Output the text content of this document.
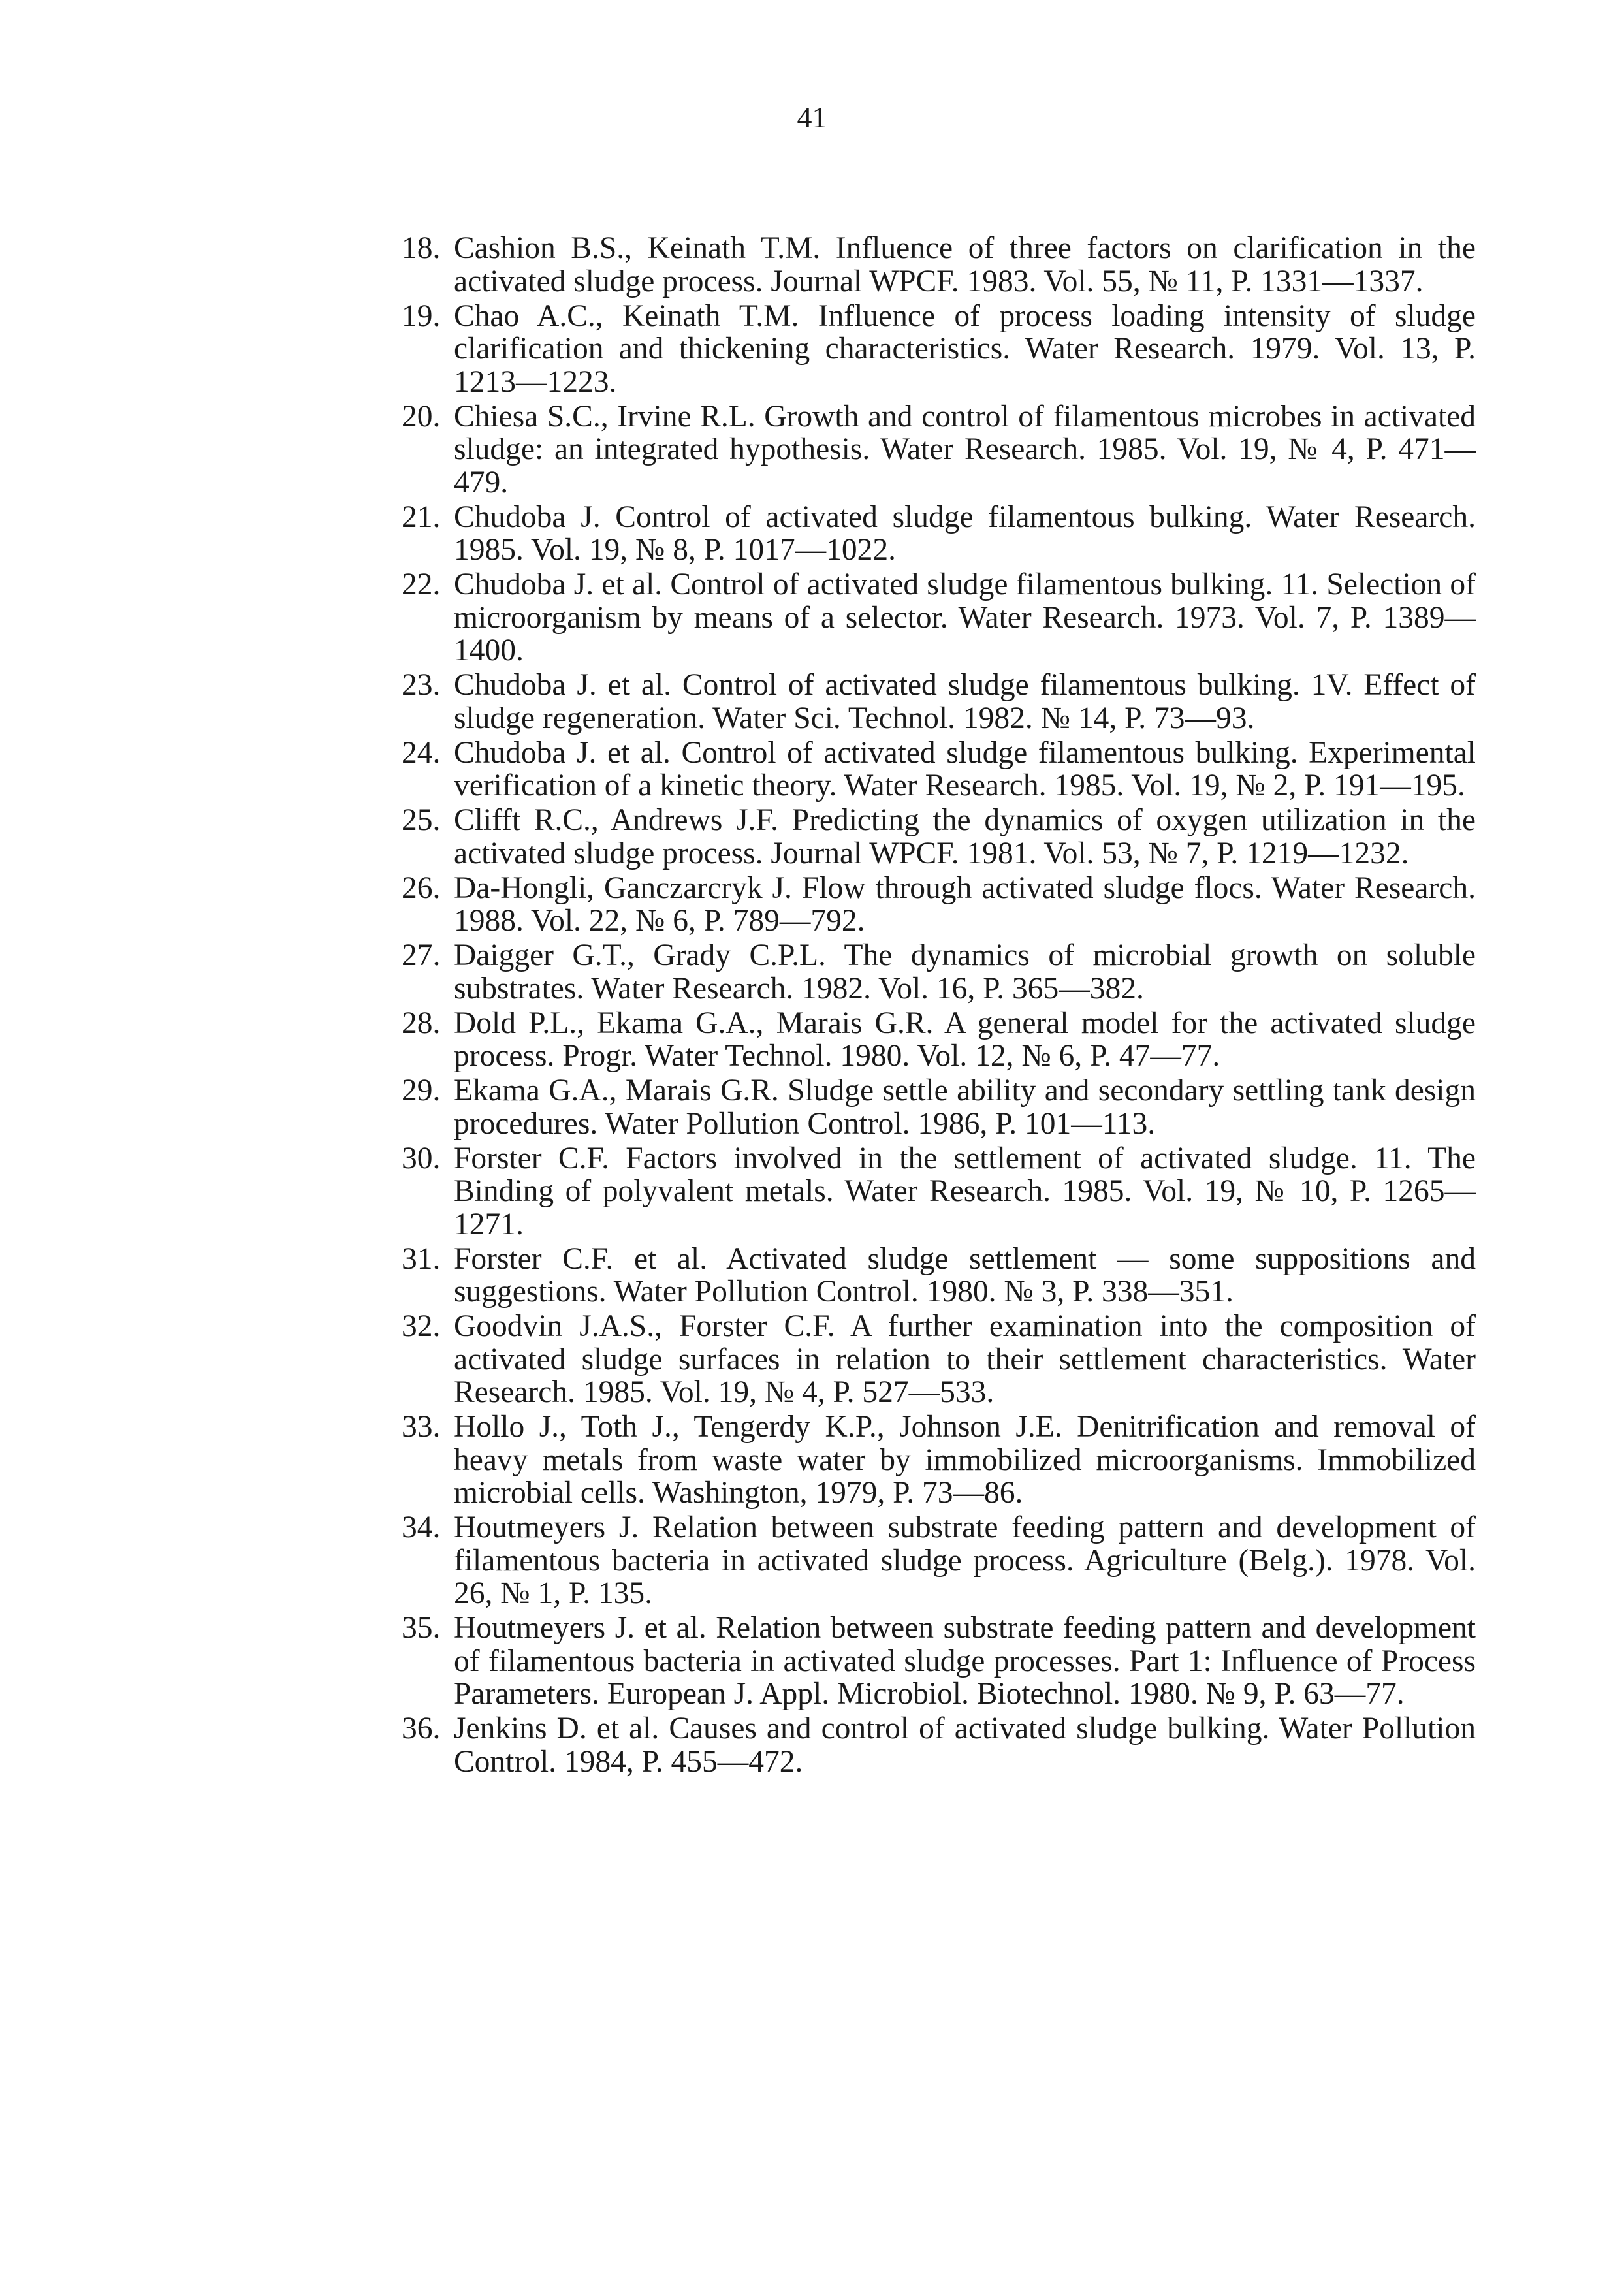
41
18. Cashion B.S., Keinath T.M. Influence of three factors on clarification in the activated sludge process. Journal WPCF. 1983. Vol. 55, № 11, P. 1331—1337.
19. Chao A.C., Keinath T.M. Influence of process loading intensity of sludge clarification and thickening characteristics. Water Research. 1979. Vol. 13, P. 1213—1223.
20. Chiesa S.C., Irvine R.L. Growth and control of filamentous microbes in activated sludge: an integrated hypothesis. Water Research. 1985. Vol. 19, № 4, P. 471—479.
21. Chudoba J. Control of activated sludge filamentous bulking. Water Research. 1985. Vol. 19, № 8, P. 1017—1022.
22. Chudoba J. et al. Control of activated sludge filamentous bulking. 11. Selection of microorganism by means of a selector. Water Research. 1973. Vol. 7, P. 1389—1400.
23. Chudoba J. et al. Control of activated sludge filamentous bulking. 1V. Effect of sludge regeneration. Water Sci. Technol. 1982. № 14, P. 73—93.
24. Chudoba J. et al. Control of activated sludge filamentous bulking. Experimental verification of a kinetic theory. Water Research. 1985. Vol. 19, № 2, P. 191—195.
25. Clifft R.C., Andrews J.F. Predicting the dynamics of oxygen utilization in the activated sludge process. Journal WPCF. 1981. Vol. 53, № 7, P. 1219—1232.
26. Da-Hongli, Ganczarcryk J. Flow through activated sludge flocs. Water Research. 1988. Vol. 22, № 6, P. 789—792.
27. Daigger G.T., Grady C.P.L. The dynamics of microbial growth on soluble substrates. Water Research. 1982. Vol. 16, P. 365—382.
28. Dold P.L., Ekama G.A., Marais G.R. A general model for the activated sludge process. Progr. Water Technol. 1980. Vol. 12, № 6, P. 47—77.
29. Ekama G.A., Marais G.R. Sludge settle ability and secondary settling tank design procedures. Water Pollution Control. 1986, P. 101—113.
30. Forster C.F. Factors involved in the settlement of activated sludge. 11. The Binding of polyvalent metals. Water Research. 1985. Vol. 19, № 10, P. 1265—1271.
31. Forster C.F. et al. Activated sludge settlement — some suppositions and suggestions. Water Pollution Control. 1980. № 3, P. 338—351.
32. Goodvin J.A.S., Forster C.F. A further examination into the composition of activated sludge surfaces in relation to their settlement characteristics. Water Research. 1985. Vol. 19, № 4, P. 527—533.
33. Hollo J., Toth J., Tengerdy K.P., Johnson J.E. Denitrification and removal of heavy metals from waste water by immobilized microorganisms. Immobilized microbial cells. Washington, 1979, P. 73—86.
34. Houtmeyers J. Relation between substrate feeding pattern and development of filamentous bacteria in activated sludge process. Agriculture (Belg.). 1978. Vol. 26, № 1, P. 135.
35. Houtmeyers J. et al. Relation between substrate feeding pattern and development of filamentous bacteria in activated sludge processes. Part 1: Influence of Process Parameters. European J. Appl. Microbiol. Biotechnol. 1980. № 9, P. 63—77.
36. Jenkins D. et al. Causes and control of activated sludge bulking. Water Pollution Control. 1984, P. 455—472.
